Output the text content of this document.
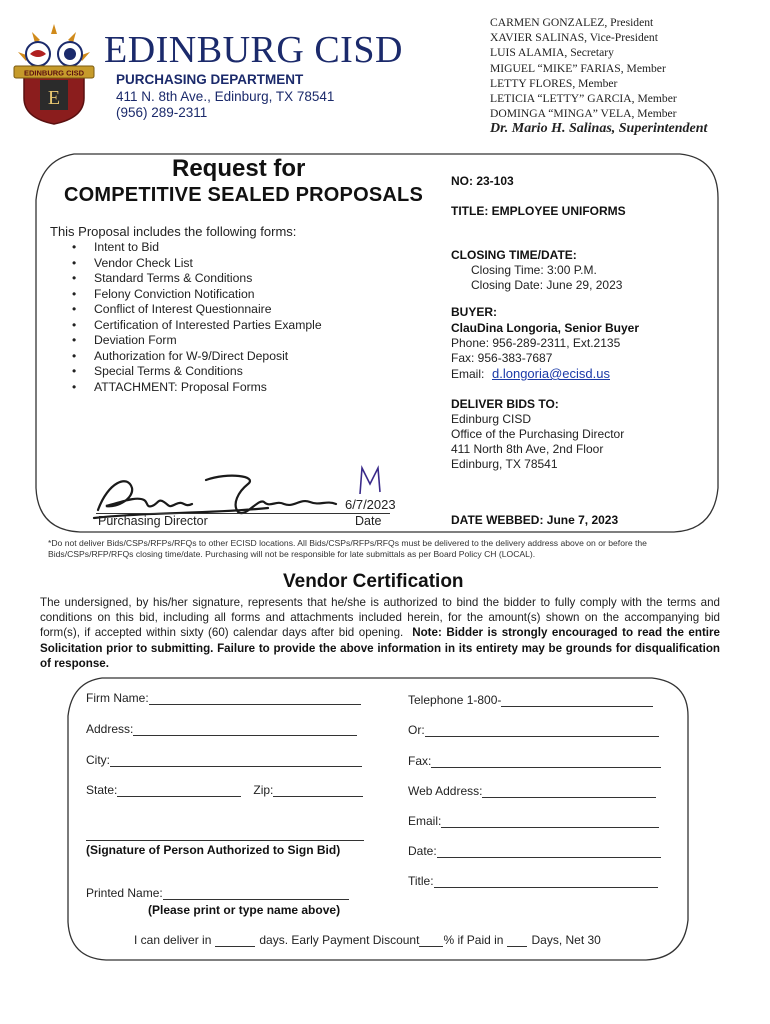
E
EDINBURG CISD
EDINBURG CISD
PURCHASING DEPARTMENT
411 N. 8th Ave., Edinburg, TX 78541
(956) 289-2311
CARMEN GONZALEZ, President
XAVIER SALINAS, Vice-President
LUIS ALAMIA, Secretary
MIGUEL “MIKE” FARIAS, Member
LETTY FLORES, Member
LETICIA “LETTY” GARCIA, Member
DOMINGA “MINGA” VELA, Member
Dr. Mario H. Salinas, Superintendent
Request for
COMPETITIVE SEALED PROPOSALS
This Proposal includes the following forms:
• Intent to Bid
• Vendor Check List
• Standard Terms & Conditions
• Felony Conviction Notification
• Conflict of Interest Questionnaire
• Certification of Interested Parties Example
• Deviation Form
• Authorization for W-9/Direct Deposit
• Special Terms & Conditions
• ATTACHMENT: Proposal Forms
NO: 23-103
TITLE: EMPLOYEE UNIFORMS
CLOSING TIME/DATE:
Closing Time: 3:00 P.M.
Closing Date: June 29, 2023
BUYER:
ClauDina Longoria, Senior Buyer
Phone: 956-289-2311, Ext.2135
Fax: 956-383-7687
Email: d.longoria@ecisd.us
DELIVER BIDS TO:
Edinburg CISD
Office of the Purchasing Director
411 North 8th Ave, 2nd Floor
Edinburg, TX 78541
6/7/2023
Purchasing Director	Date	DATE WEBBED: June 7, 2023
*Do not deliver Bids/CSPs/RFPs/RFQs to other ECISD locations. All Bids/CSPs/RFPs/RFQs must be delivered to the delivery address above on or before the Bids/CSPs/RFP/RFQs closing time/date. Purchasing will not be responsible for late submittals as per Board Policy CH (LOCAL).
Vendor Certification
The undersigned, by his/her signature, represents that he/she is authorized to bind the bidder to fully comply with the terms and conditions on this bid, including all forms and attachments included herein, for the amount(s) shown on the accompanying bid form(s), if accepted within sixty (60) calendar days after bid opening. Note: Bidder is strongly encouraged to read the entire Solicitation prior to submitting. Failure to provide the above information in its entirety may be grounds for disqualification of response.
Firm Name:
Address:
City:
State:	Zip:
(Signature of Person Authorized to Sign Bid)
Printed Name:
(Please print or type name above)
Telephone 1-800-
Or:
Fax:
Web Address:
Email:
Date:
Title:
I can deliver in	days. Early Payment Discount % if Paid in Days, Net 30
